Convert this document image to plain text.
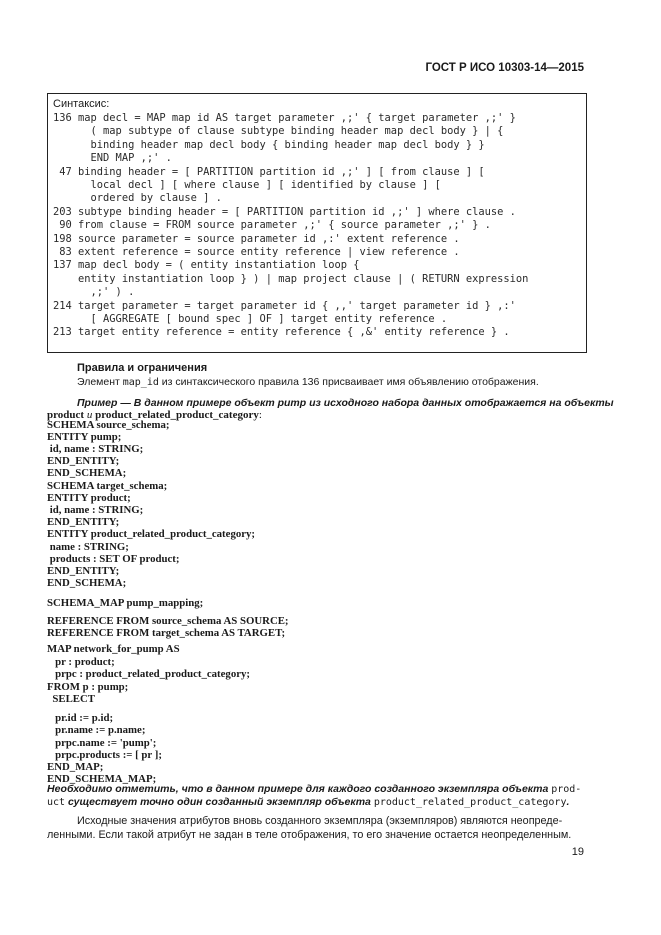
ГОСТ Р ИСО 10303-14—2015
Синтаксис:
136 map decl = MAP map id AS target parameter ,;' { target parameter ,;' }
( map subtype of clause subtype binding header map decl body } | {
binding header map decl body { binding header map decl body } }
END MAP ,;' .
47 binding header = [ PARTITION partition id ,;' ] [ from clause ] [
local decl ] [ where clause ] [ identified by clause ] [
ordered by clause ] .
203 subtype binding header = [ PARTITION partition id ,;' ] where clause .
90 from clause = FROM source parameter ,;' { source parameter ,;' } .
198 source parameter = source parameter id ,:' extent reference .
83 extent reference = source entity reference | view reference .
137 map decl body = ( entity instantiation loop {
entity instantiation loop } ) | map project clause | ( RETURN expression
,;' ) .
214 target parameter = target parameter id { ,,' target parameter id } ,:'
[ AGGREGATE [ bound spec ] OF ] target entity reference .
213 target entity reference = entity reference { ,&' entity reference } .
Правила и ограничения
Элемент map_id из синтаксического правила 136 присваивает имя объявлению отображения.
Пример — В данном примере объект pump из исходного набора данных отображается на объекты
product и product_related_product_category:
SCHEMA source_schema;
ENTITY pump;
id, name : STRING;
END_ENTITY;
END_SCHEMA;
SCHEMA target_schema;
ENTITY product;
id, name : STRING;
END_ENTITY;
ENTITY product_related_product_category;
name : STRING;
products : SET OF product;
END_ENTITY;
END_SCHEMA;
SCHEMA_MAP pump_mapping;
REFERENCE FROM source_schema AS SOURCE;
REFERENCE FROM target_schema AS TARGET;
MAP network_for_pump AS
pr : product;
prpc : product_related_product_category;
FROM p : pump;
SELECT
pr.id := p.id;
pr.name := p.name;
prpc.name := 'pump';
prpc.products := [ pr ];
END_MAP;
END_SCHEMA_MAP;
Необходимо отметить, что в данном примере для каждого созданного экземпляра объекта prod-
uct существует точно один созданный экземпляр объекта product_related_product_category.
Исходные значения атрибутов вновь созданного экземпляра (экземпляров) являются неопреде-
ленными. Если такой атрибут не задан в теле отображения, то его значение остается неопределенным.
19
